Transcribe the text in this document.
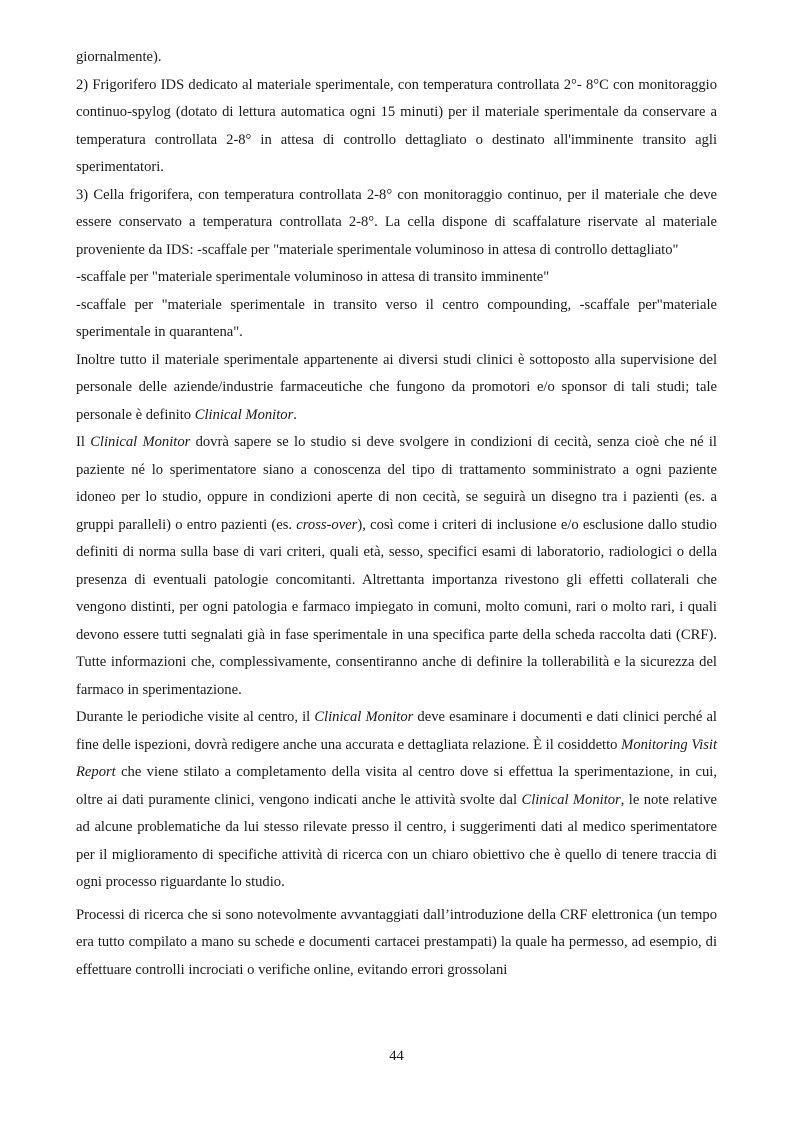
giornalmente).

2) Frigorifero IDS dedicato al materiale sperimentale, con temperatura controllata 2°- 8°C con monitoraggio continuo-spylog (dotato di lettura automatica ogni 15 minuti) per il materiale sperimentale da conservare a temperatura controllata 2-8° in attesa di controllo dettagliato o destinato all'imminente transito agli sperimentatori.

3) Cella frigorifera, con temperatura controllata 2-8° con monitoraggio continuo, per il materiale che deve essere conservato a temperatura controllata 2-8°. La cella dispone di scaffalature riservate al materiale proveniente da IDS: -scaffale per "materiale sperimentale voluminoso in attesa di controllo dettagliato"

-scaffale per "materiale sperimentale voluminoso in attesa di transito imminente"

-scaffale per "materiale sperimentale in transito verso il centro compounding, -scaffale per"materiale sperimentale in quarantena".

Inoltre tutto il materiale sperimentale appartenente ai diversi studi clinici è sottoposto alla supervisione del personale delle aziende/industrie farmaceutiche che fungono da promotori e/o sponsor di tali studi; tale personale è definito Clinical Monitor.

Il Clinical Monitor dovrà sapere se lo studio si deve svolgere in condizioni di cecità, senza cioè che né il paziente né lo sperimentatore siano a conoscenza del tipo di trattamento somministrato a ogni paziente idoneo per lo studio, oppure in condizioni aperte di non cecità, se seguirà un disegno tra i pazienti (es. a gruppi paralleli) o entro pazienti (es. cross-over), così come i criteri di inclusione e/o esclusione dallo studio definiti di norma sulla base di vari criteri, quali età, sesso, specifici esami di laboratorio, radiologici o della presenza di eventuali patologie concomitanti. Altrettanta importanza rivestono gli effetti collaterali che vengono distinti, per ogni patologia e farmaco impiegato in comuni, molto comuni, rari o molto rari, i quali devono essere tutti segnalati già in fase sperimentale in una specifica parte della scheda raccolta dati (CRF). Tutte informazioni che, complessivamente, consentiranno anche di definire la tollerabilità e la sicurezza del farmaco in sperimentazione.

Durante le periodiche visite al centro, il Clinical Monitor deve esaminare i documenti e dati clinici perché al fine delle ispezioni, dovrà redigere anche una accurata e dettagliata relazione. È il cosiddetto Monitoring Visit Report che viene stilato a completamento della visita al centro dove si effettua la sperimentazione, in cui, oltre ai dati puramente clinici, vengono indicati anche le attività svolte dal Clinical Monitor, le note relative ad alcune problematiche da lui stesso rilevate presso il centro, i suggerimenti dati al medico sperimentatore per il miglioramento di specifiche attività di ricerca con un chiaro obiettivo che è quello di tenere traccia di ogni processo riguardante lo studio.

Processi di ricerca che si sono notevolmente avvantaggiati dall’introduzione della CRF elettronica (un tempo era tutto compilato a mano su schede e documenti cartacei prestampati) la quale ha permesso, ad esempio, di effettuare controlli incrociati o verifiche online, evitando errori grossolani

44
